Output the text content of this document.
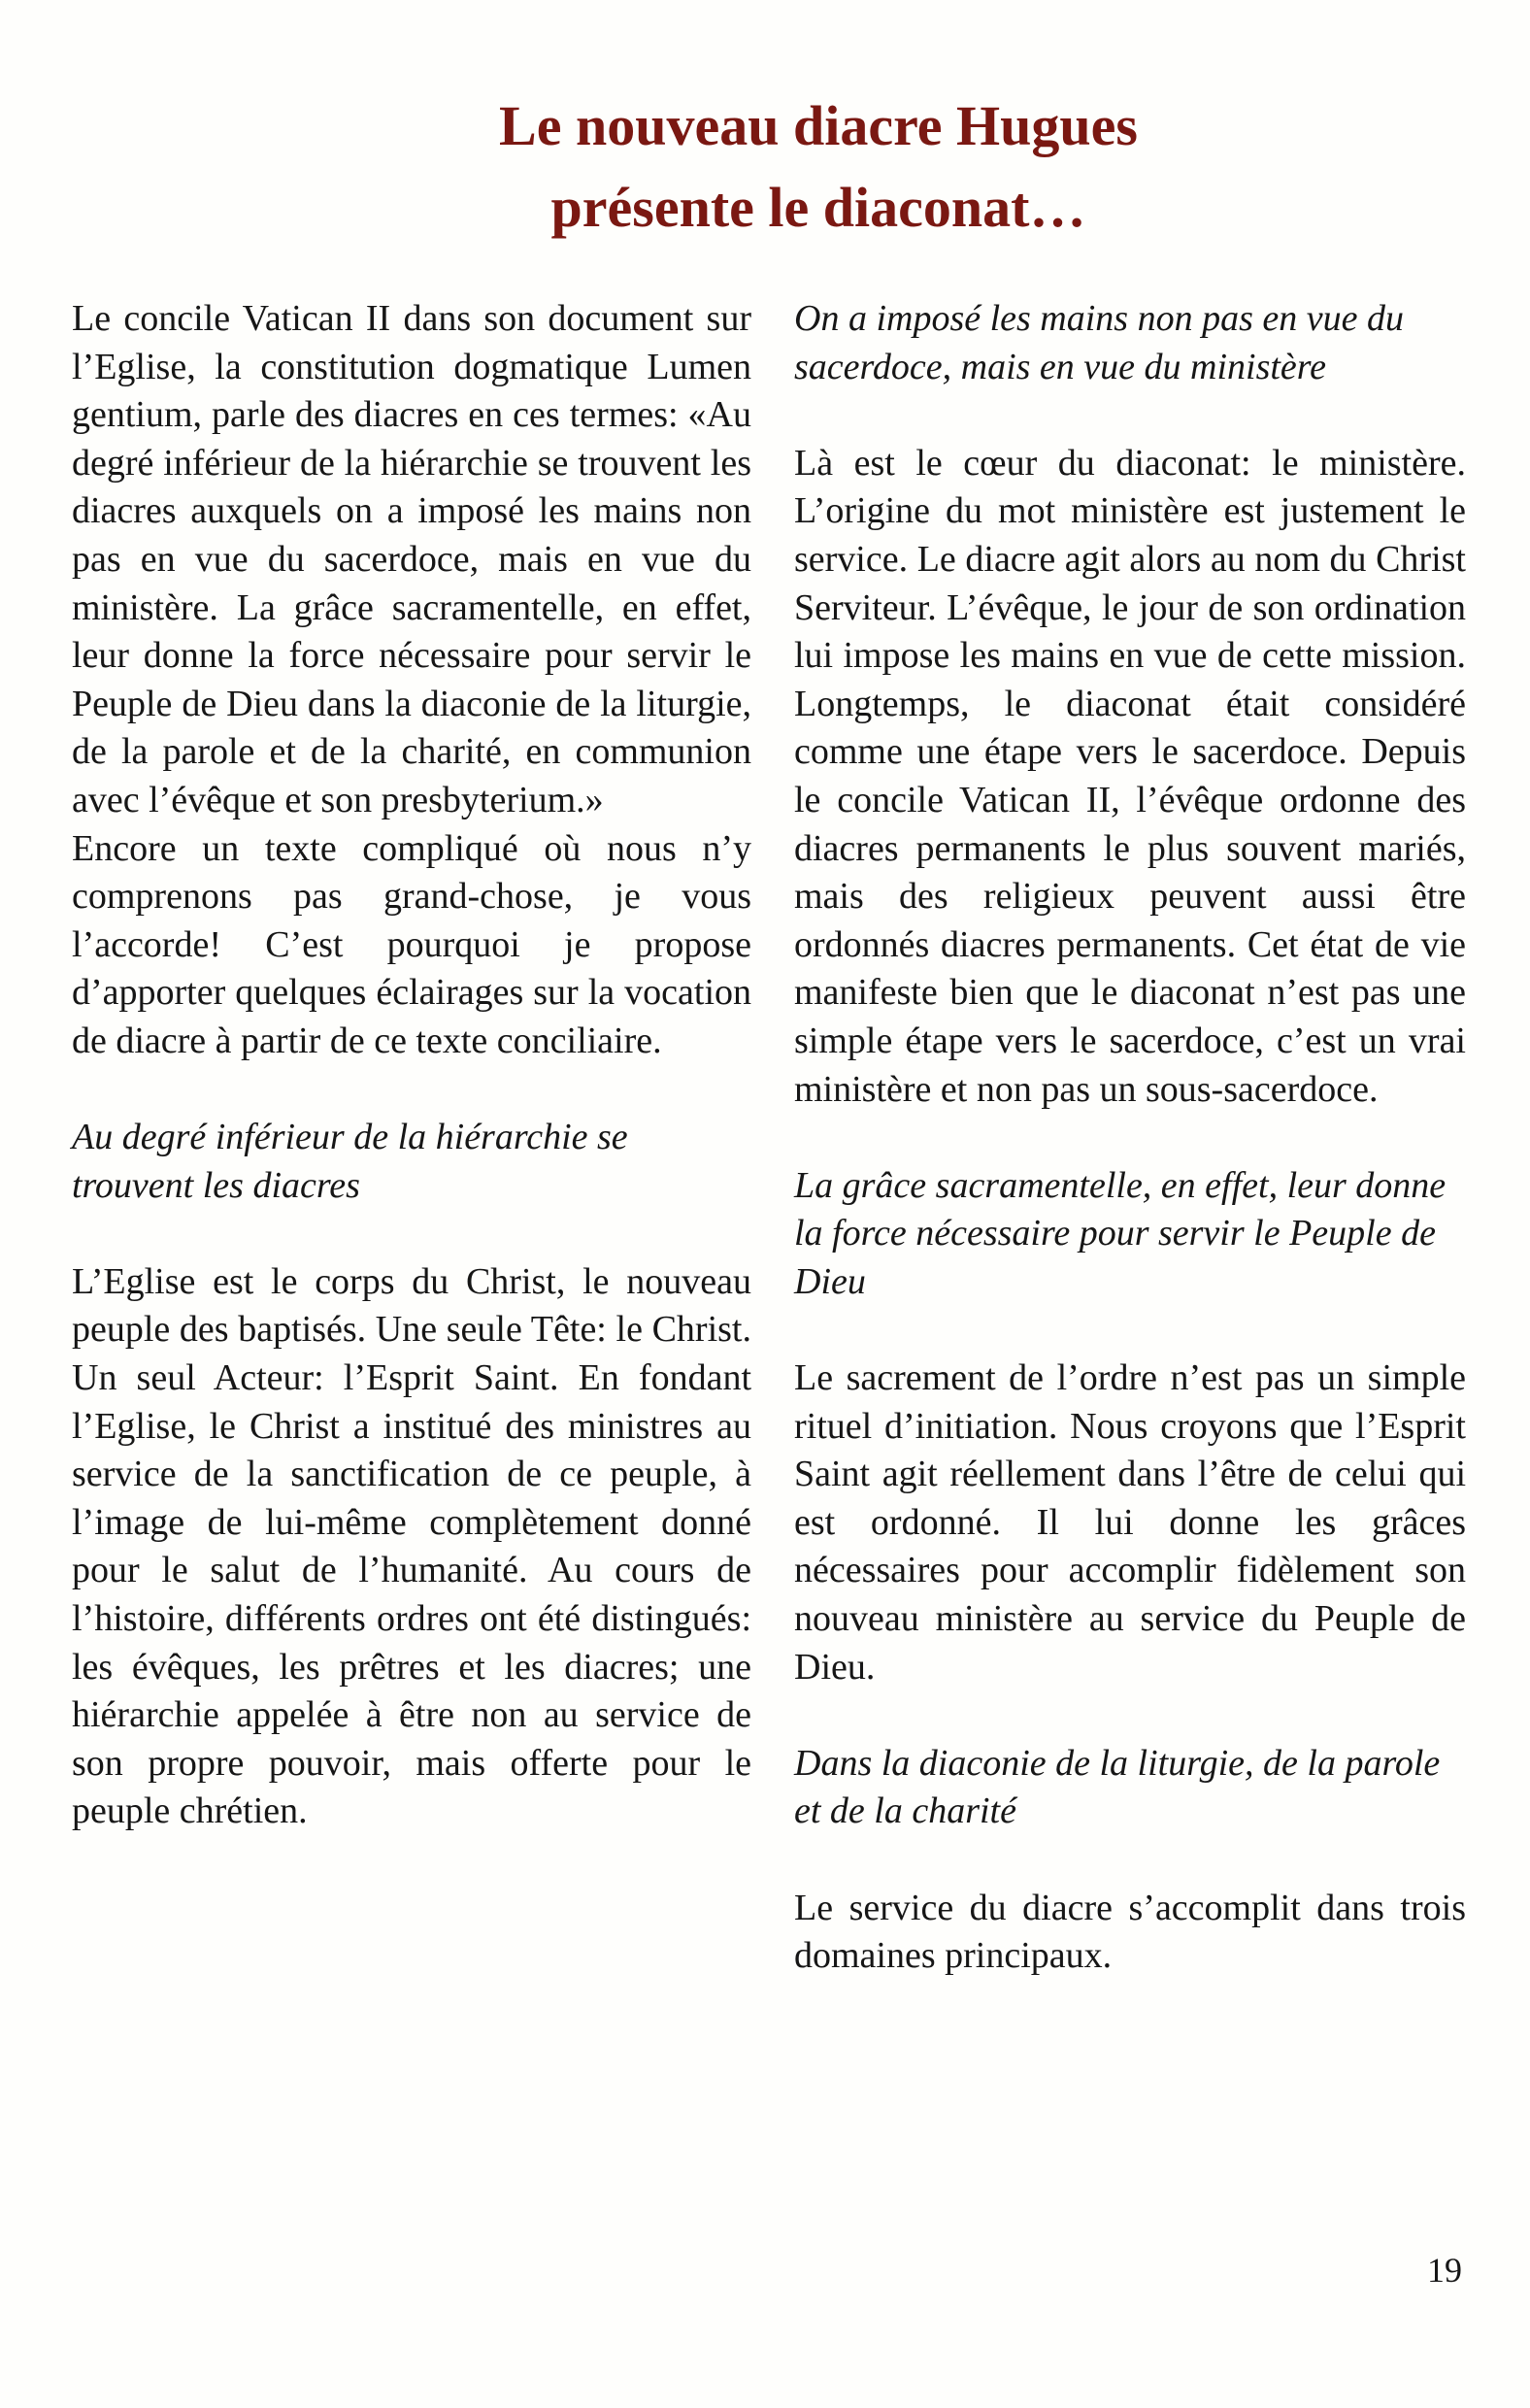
Le nouveau diacre Hugues
présente le diaconat…

Le concile Vatican II dans son document sur l’Eglise, la constitution dogmatique Lumen gentium, parle des diacres en ces termes: «Au degré inférieur de la hiérarchie se trouvent les diacres auxquels on a imposé les mains non pas en vue du sacerdoce, mais en vue du ministère. La grâce sacramentelle, en effet, leur donne la force nécessaire pour servir le Peuple de Dieu dans la diaconie de la liturgie, de la parole et de la charité, en communion avec l’évêque et son presbyterium.»

Encore un texte compliqué où nous n’y comprenons pas grand-chose, je vous l’accorde! C’est pourquoi je propose d’apporter quelques éclairages sur la vocation de diacre à partir de ce texte conciliaire.

Au degré inférieur de la hiérarchie se trouvent les diacres

L’Eglise est le corps du Christ, le nouveau peuple des baptisés. Une seule Tête: le Christ. Un seul Acteur: l’Esprit Saint. En fondant l’Eglise, le Christ a institué des ministres au service de la sanctification de ce peuple, à l’image de lui-même complètement donné pour le salut de l’humanité. Au cours de l’histoire, différents ordres ont été distingués: les évêques, les prêtres et les diacres; une hiérarchie appelée à être non au service de son propre pouvoir, mais offerte pour le peuple chrétien.

On a imposé les mains non pas en vue du sacerdoce, mais en vue du ministère

Là est le cœur du diaconat: le ministère. L’origine du mot ministère est justement le service. Le diacre agit alors au nom du Christ Serviteur. L’évêque, le jour de son ordination lui impose les mains en vue de cette mission. Longtemps, le diaconat était considéré comme une étape vers le sacerdoce. Depuis le concile Vatican II, l’évêque ordonne des diacres permanents le plus souvent mariés, mais des religieux peuvent aussi être ordonnés diacres permanents. Cet état de vie manifeste bien que le diaconat n’est pas une simple étape vers le sacerdoce, c’est un vrai ministère et non pas un sous-sacerdoce.

La grâce sacramentelle, en effet, leur donne la force nécessaire pour servir le Peuple de Dieu

Le sacrement de l’ordre n’est pas un simple rituel d’initiation. Nous croyons que l’Esprit Saint agit réellement dans l’être de celui qui est ordonné. Il lui donne les grâces nécessaires pour accomplir fidèlement son nouveau ministère au service du Peuple de Dieu.

Dans la diaconie de la liturgie, de la parole et de la charité

Le service du diacre s’accomplit dans trois domaines principaux.

19
